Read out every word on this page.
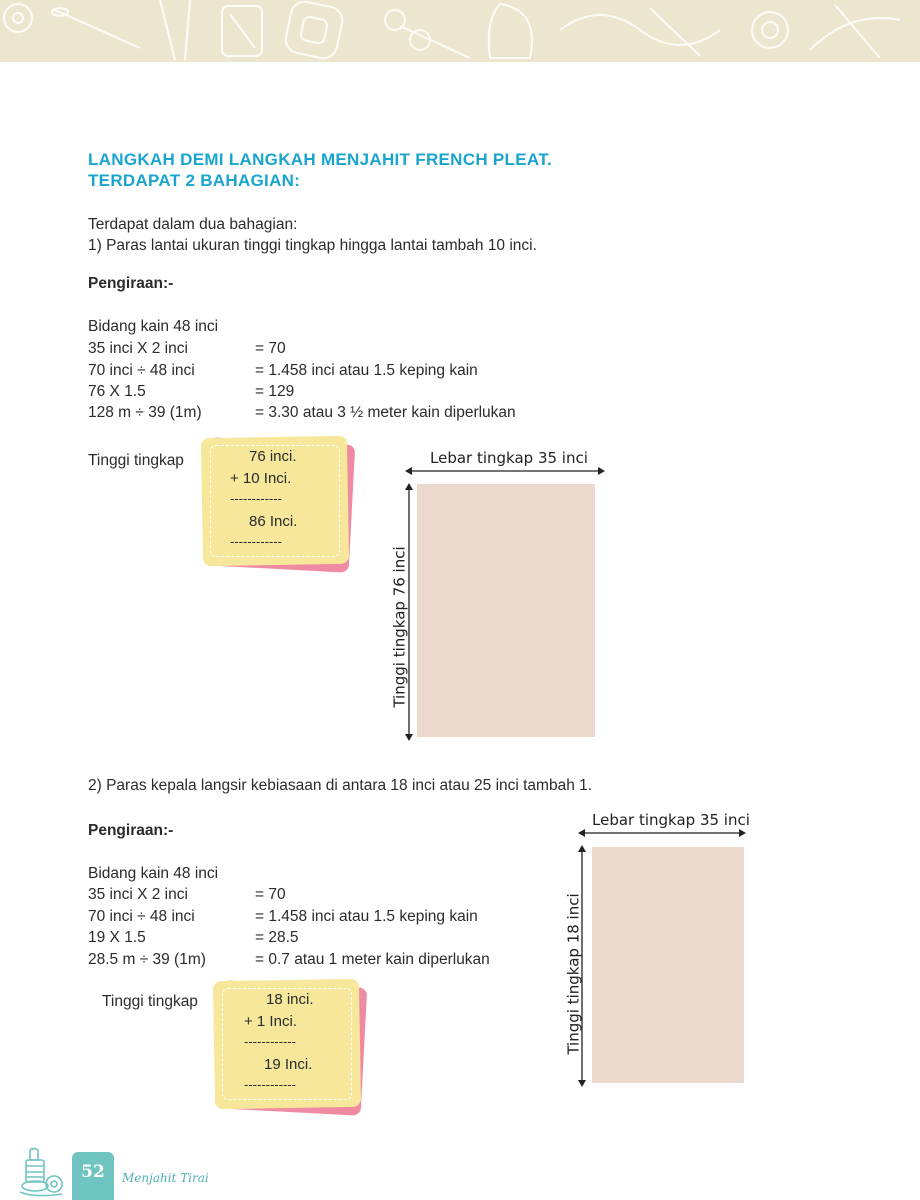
LANGKAH DEMI LANGKAH MENJAHIT FRENCH PLEAT.
TERDAPAT 2 BAHAGIAN:
Terdapat dalam dua bahagian:
1) Paras lantai ukuran tinggi tingkap hingga lantai tambah 10 inci.
Pengiraan:-
Bidang kain 48 inci
35 inci X 2 inci	= 70
70 inci ÷ 48 inci	= 1.458 inci atau 1.5 keping kain
76 X 1.5	= 129
128 m ÷ 39 (1m)	= 3.30 atau 3 ½ meter kain diperlukan
Tinggi tingkap	76 inci.
+ 10 Inci.
------------
86 Inci.
------------
Lebar tingkap 35 inci
Tinggi tingkap 76 inci
2) Paras kepala langsir kebiasaan di antara 18 inci atau 25 inci tambah 1.
Pengiraan:-
Bidang kain 48 inci
35 inci X 2 inci	= 70
70 inci ÷ 48 inci	= 1.458 inci atau 1.5 keping kain
19 X 1.5	= 28.5
28.5 m ÷ 39 (1m)	= 0.7 atau 1 meter kain diperlukan
Tinggi tingkap	18 inci.
+ 1 Inci.
------------
19 Inci.
------------
Lebar tingkap 35 inci
Tinggi tingkap 18 inci
52	Menjahit Tirai
